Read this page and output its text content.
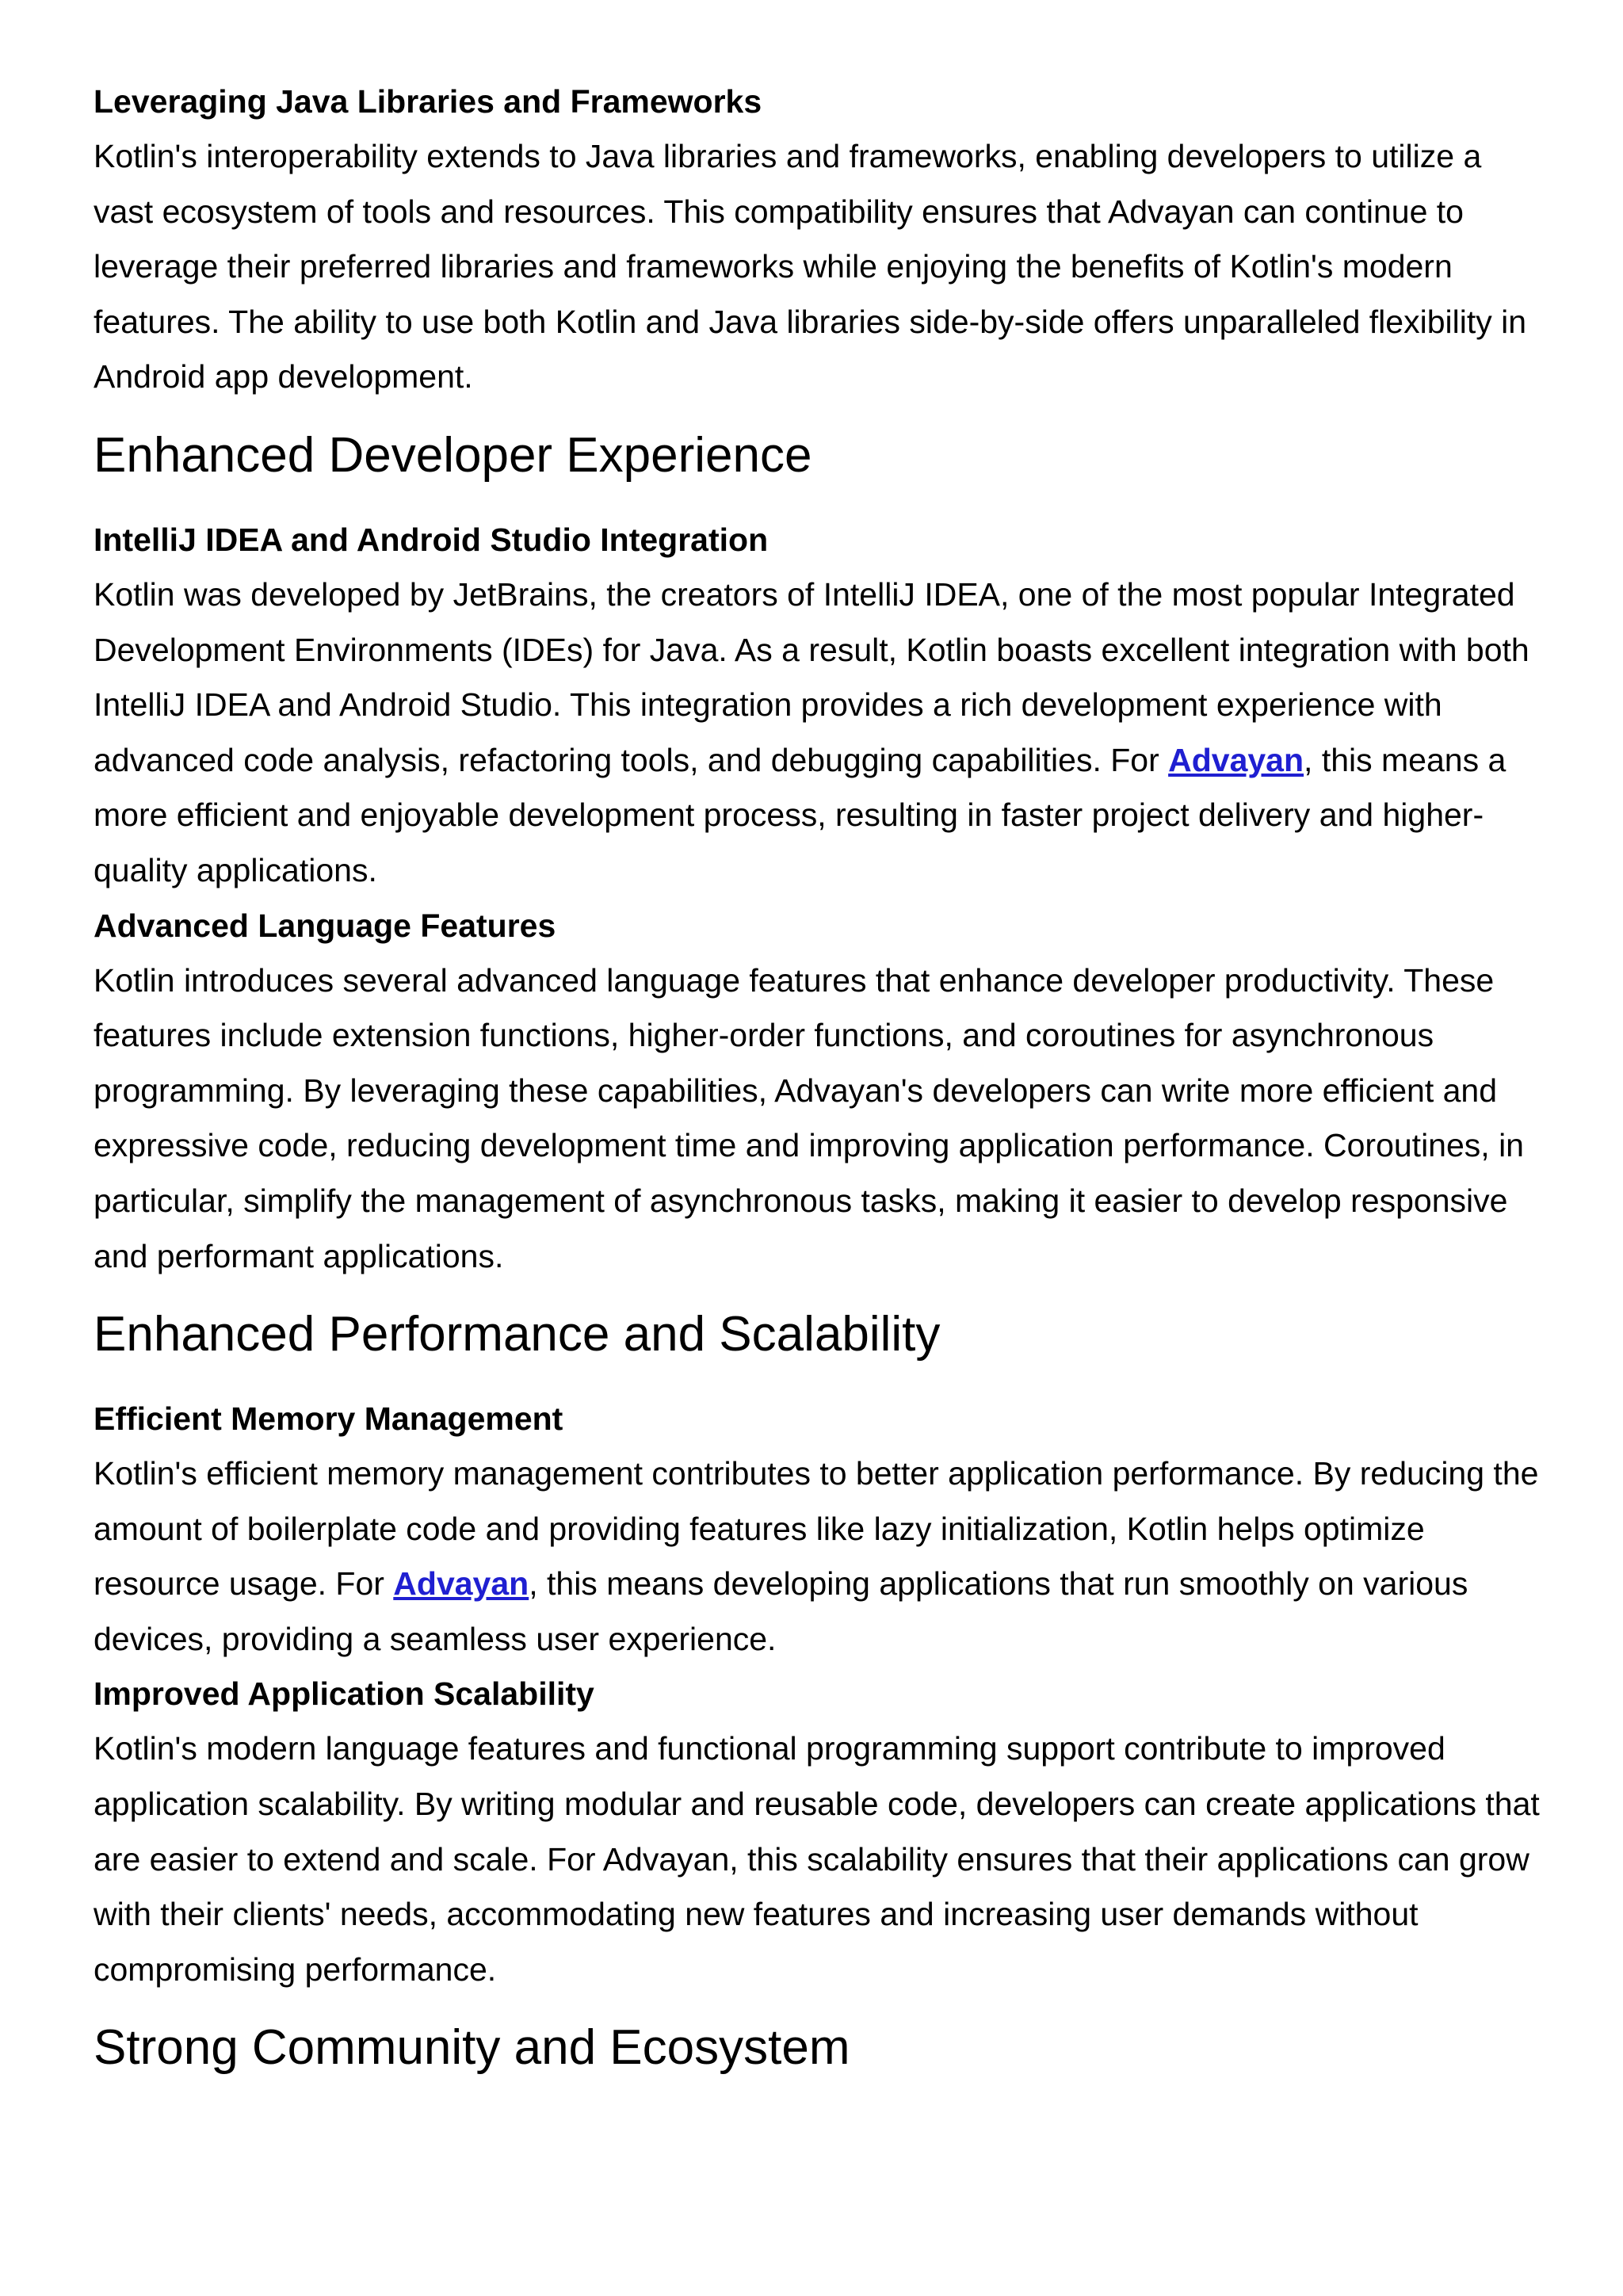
Leveraging Java Libraries and Frameworks

Kotlin's interoperability extends to Java libraries and frameworks, enabling developers to utilize a vast ecosystem of tools and resources. This compatibility ensures that Advayan can continue to leverage their preferred libraries and frameworks while enjoying the benefits of Kotlin's modern features. The ability to use both Kotlin and Java libraries side-by-side offers unparalleled flexibility in Android app development.

Enhanced Developer Experience

IntelliJ IDEA and Android Studio Integration

Kotlin was developed by JetBrains, the creators of IntelliJ IDEA, one of the most popular Integrated Development Environments (IDEs) for Java. As a result, Kotlin boasts excellent integration with both IntelliJ IDEA and Android Studio. This integration provides a rich development experience with advanced code analysis, refactoring tools, and debugging capabilities. For Advayan, this means a more efficient and enjoyable development process, resulting in faster project delivery and higher-quality applications.

Advanced Language Features

Kotlin introduces several advanced language features that enhance developer productivity. These features include extension functions, higher-order functions, and coroutines for asynchronous programming. By leveraging these capabilities, Advayan's developers can write more efficient and expressive code, reducing development time and improving application performance. Coroutines, in particular, simplify the management of asynchronous tasks, making it easier to develop responsive and performant applications.

Enhanced Performance and Scalability

Efficient Memory Management

Kotlin's efficient memory management contributes to better application performance. By reducing the amount of boilerplate code and providing features like lazy initialization, Kotlin helps optimize resource usage. For Advayan, this means developing applications that run smoothly on various devices, providing a seamless user experience.

Improved Application Scalability

Kotlin's modern language features and functional programming support contribute to improved application scalability. By writing modular and reusable code, developers can create applications that are easier to extend and scale. For Advayan, this scalability ensures that their applications can grow with their clients' needs, accommodating new features and increasing user demands without compromising performance.

Strong Community and Ecosystem
